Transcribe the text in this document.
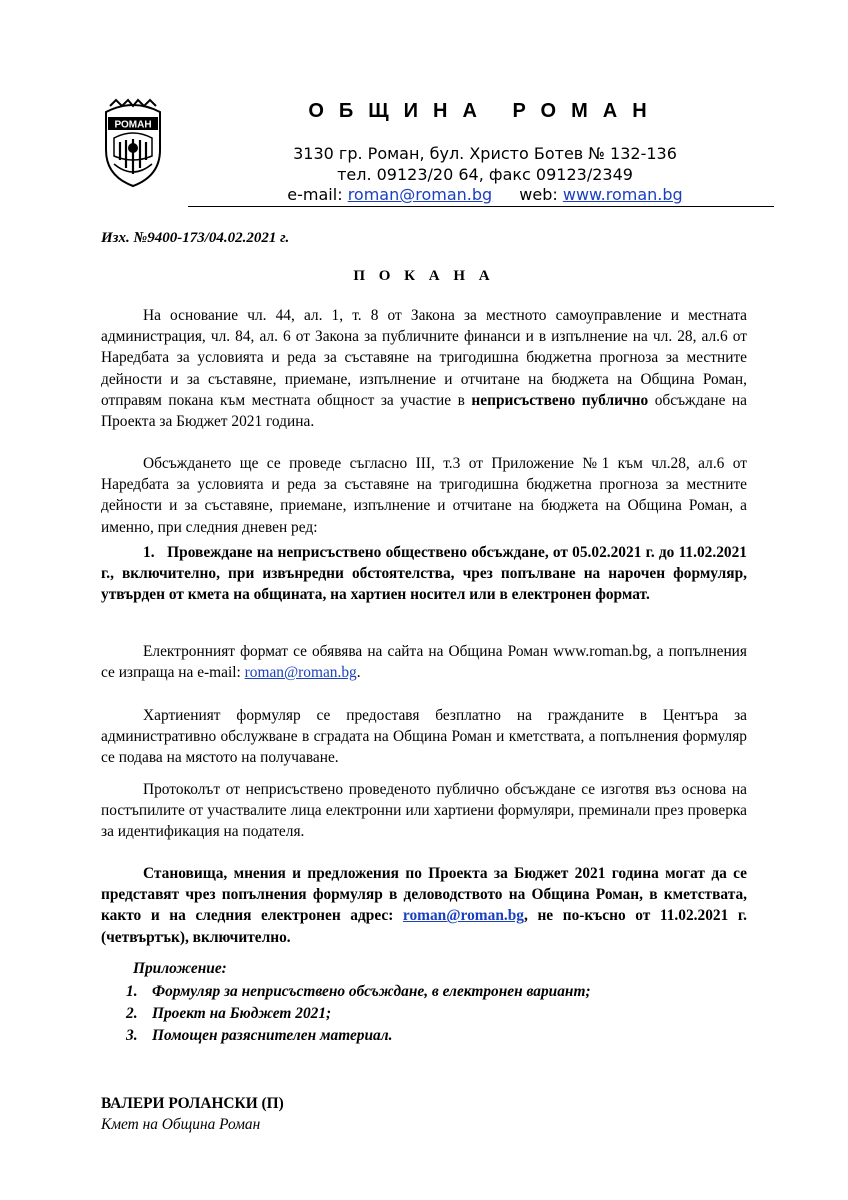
РОМАН
ОБЩИНА РОМАН
3130 гр. Роман, бул. Христо Ботев № 132-136
тел. 09123/20 64, факс 09123/2349
e-mail: roman@roman.bg web: www.roman.bg
Изх. №9400-173/04.02.2021 г.
П О К А Н А

На основание чл. 44, ал. 1, т. 8 от Закона за местното самоуправление и местната администрация, чл. 84, ал. 6 от Закона за публичните финанси и в изпълнение на чл. 28, ал.6 от Наредбата за условията и реда за съставяне на тригодишна бюджетна прогноза за местните дейности и за съставяне, приемане, изпълнение и отчитане на бюджета на Община Роман, отправям покана към местната общност за участие в неприсъствено публично обсъждане на Проекта за Бюджет 2021 година.

Обсъждането ще се проведе съгласно III, т.3 от Приложение №1 към чл.28, ал.6 от Наредбата за условията и реда за съставяне на тригодишна бюджетна прогноза за местните дейности и за съставяне, приемане, изпълнение и отчитане на бюджета на Община Роман, а именно, при следния дневен ред:

1. Провеждане на неприсъствено обществено обсъждане, от 05.02.2021 г. до 11.02.2021 г., включително, при извънредни обстоятелства, чрез попълване на нарочен формуляр, утвърден от кмета на общината, на хартиен носител или в електронен формат.

Електронният формат се обявява на сайта на Община Роман www.roman.bg, а попълнения се изпраща на e-mail: roman@roman.bg.

Хартиеният формуляр се предоставя безплатно на гражданите в Центъра за административно обслужване в сградата на Община Роман и кметствата, а попълнения формуляр се подава на мястото на получаване.

Протоколът от неприсъствено проведеното публично обсъждане се изготвя въз основа на постъпилите от участвалите лица електронни или хартиени формуляри, преминали през проверка за идентификация на подателя.

Становища, мнения и предложения по Проекта за Бюджет 2021 година могат да се представят чрез попълнения формуляр в деловодството на Община Роман, в кметствата, както и на следния електронен адрес: roman@roman.bg, не по-късно от 11.02.2021 г. (четвъртък), включително.

Приложение:
1. Формуляр за неприсъствено обсъждане, в електронен вариант;
2. Проект на Бюджет 2021;
3. Помощен разяснителен материал.
ВАЛЕРИ РОЛАНСКИ (П)
Кмет на Община Роман
